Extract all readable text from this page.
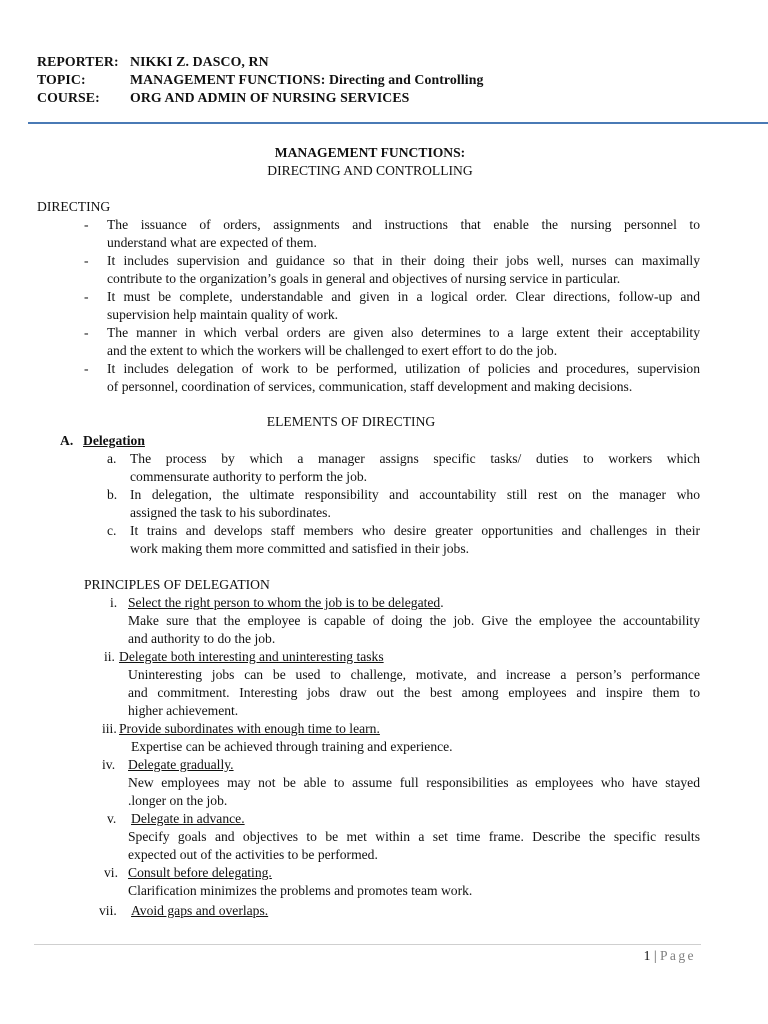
REPORTER: NIKKI Z. DASCO, RN
TOPIC:	MANAGEMENT FUNCTIONS: Directing and Controlling
COURSE: ORG AND ADMIN OF NURSING SERVICES
MANAGEMENT FUNCTIONS:
DIRECTING AND CONTROLLING
DIRECTING
- The issuance of orders, assignments and instructions that enable the nursing personnel to
understand what are expected of them.
- It includes supervision and guidance so that in their doing their jobs well, nurses can maximally
contribute to the organization’s goals in general and objectives of nursing service in particular.
- It must be complete, understandable and given in a logical order. Clear directions, follow-up and
supervision help maintain quality of work.
- The manner in which verbal orders are given also determines to a large extent their acceptability
and the extent to which the workers will be challenged to exert effort to do the job.
- It includes delegation of work to be performed, utilization of policies and procedures, supervision
of personnel, coordination of services, communication, staff development and making decisions.
ELEMENTS OF DIRECTING
A. Delegation
a. The process by which a manager assigns specific tasks/ duties to workers which
commensurate authority to perform the job.
b. In delegation, the ultimate responsibility and accountability still rest on the manager who
assigned the task to his subordinates.
c. It trains and develops staff members who desire greater opportunities and challenges in their
work making them more committed and satisfied in their jobs.
PRINCIPLES OF DELEGATION
i. Select the right person to whom the job is to be delegated.
Make sure that the employee is capable of doing the job. Give the employee the accountability
and authority to do the job.
ii. Delegate both interesting and uninteresting tasks
Uninteresting jobs can be used to challenge, motivate, and increase a person’s performance
and commitment. Interesting jobs draw out the best among employees and inspire them to
higher achievement.
iii. Provide subordinates with enough time to learn.
Expertise can be achieved through training and experience.
iv. Delegate gradually.
New employees may not be able to assume full responsibilities as employees who have stayed
.longer on the job.
v. Delegate in advance.
Specify goals and objectives to be met within a set time frame. Describe the specific results
expected out of the activities to be performed.
vi. Consult before delegating.
Clarification minimizes the problems and promotes team work.
vii. Avoid gaps and overlaps.
1 | Page
